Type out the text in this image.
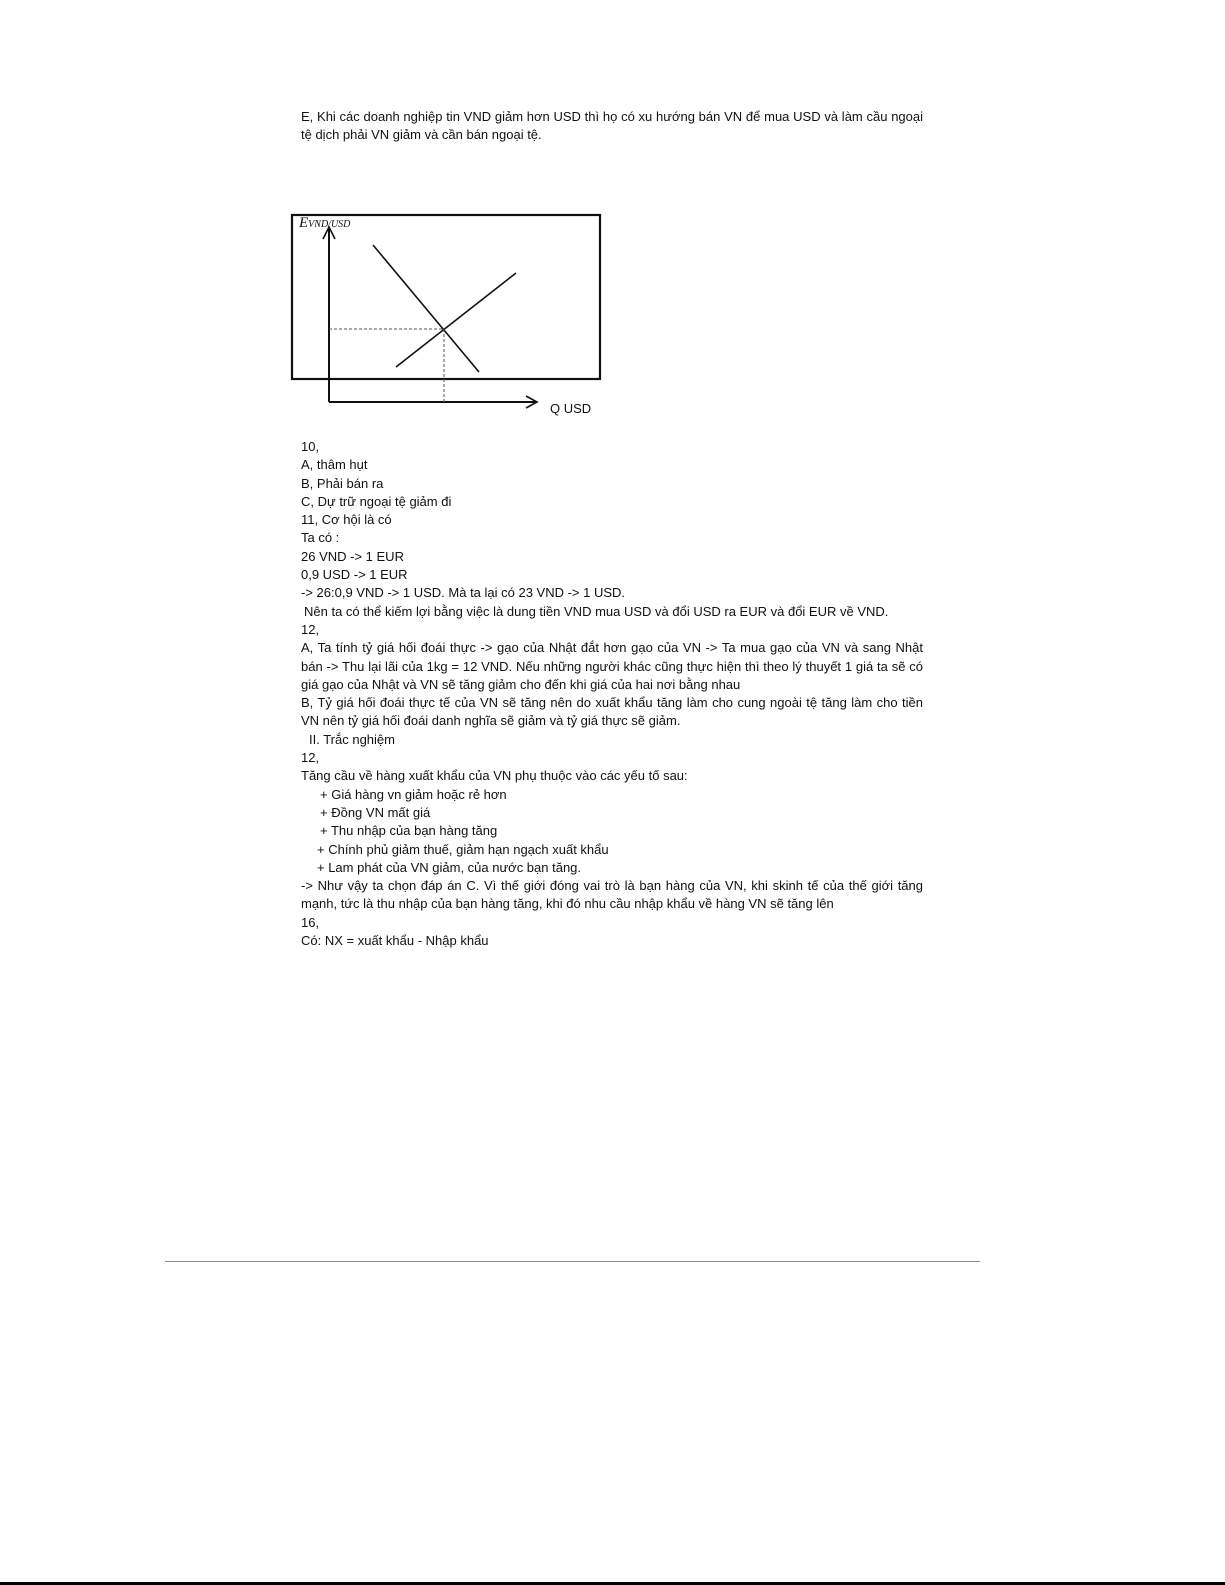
E, Khi các doanh nghiệp tin VND giảm hơn USD thì họ có xu hướng bán VN để mua USD và làm cầu ngoại tệ dịch phải VN giảm và cần bán ngoại tệ.

EVND/USD
Q USD

10,

A, thâm hụt

B, Phải bán ra

C, Dự trữ ngoại tệ giảm đi

11, Cơ hội là có

Ta có :

26 VND -> 1 EUR

0,9 USD -> 1 EUR

-> 26:0,9 VND -> 1 USD. Mà ta lại có 23 VND -> 1 USD.

Nên ta có thể kiếm lợi bằng việc là dung tiền VND mua USD và đổi USD ra EUR và đổi EUR về VND.

12,

A, Ta tính tỷ giá hối đoái thực -> gạo của Nhật đắt hơn gạo của VN -> Ta mua gạo của VN và sang Nhật bán -> Thu lại lãi của 1kg = 12 VND. Nếu những người khác cũng thực hiện thì theo lý thuyết 1 giá ta sẽ có giá gạo của Nhật và VN sẽ tăng giảm cho đến khi giá của hai nơi bằng nhau

B, Tỷ giá hối đoái thực tế của VN sẽ tăng nên do xuất khẩu tăng làm cho cung ngoài tệ tăng làm cho tiền VN nên tỷ giá hối đoái danh nghĩa sẽ giảm và tỷ giá thực sẽ giảm.

II. Trắc nghiệm

12,

Tăng cầu về hàng xuất khẩu của VN phụ thuộc vào các yếu tố sau:

+ Giá hàng vn giảm hoặc rẻ hơn

+ Đồng VN mất giá

+ Thu nhập của bạn hàng tăng

+ Chính phủ giảm thuế, giảm hạn ngạch xuất khẩu

+ Lam phát của VN giảm, của nước bạn tăng.

-> Như vậy ta chọn đáp án C. Vì thế giới đóng vai trò là bạn hàng của VN, khi skinh tế của thế giới tăng mạnh, tức là thu nhập của bạn hàng tăng, khi đó nhu cầu nhập khẩu về hàng VN sẽ tăng lên

16,

Có: NX = xuất khẩu - Nhập khẩu
